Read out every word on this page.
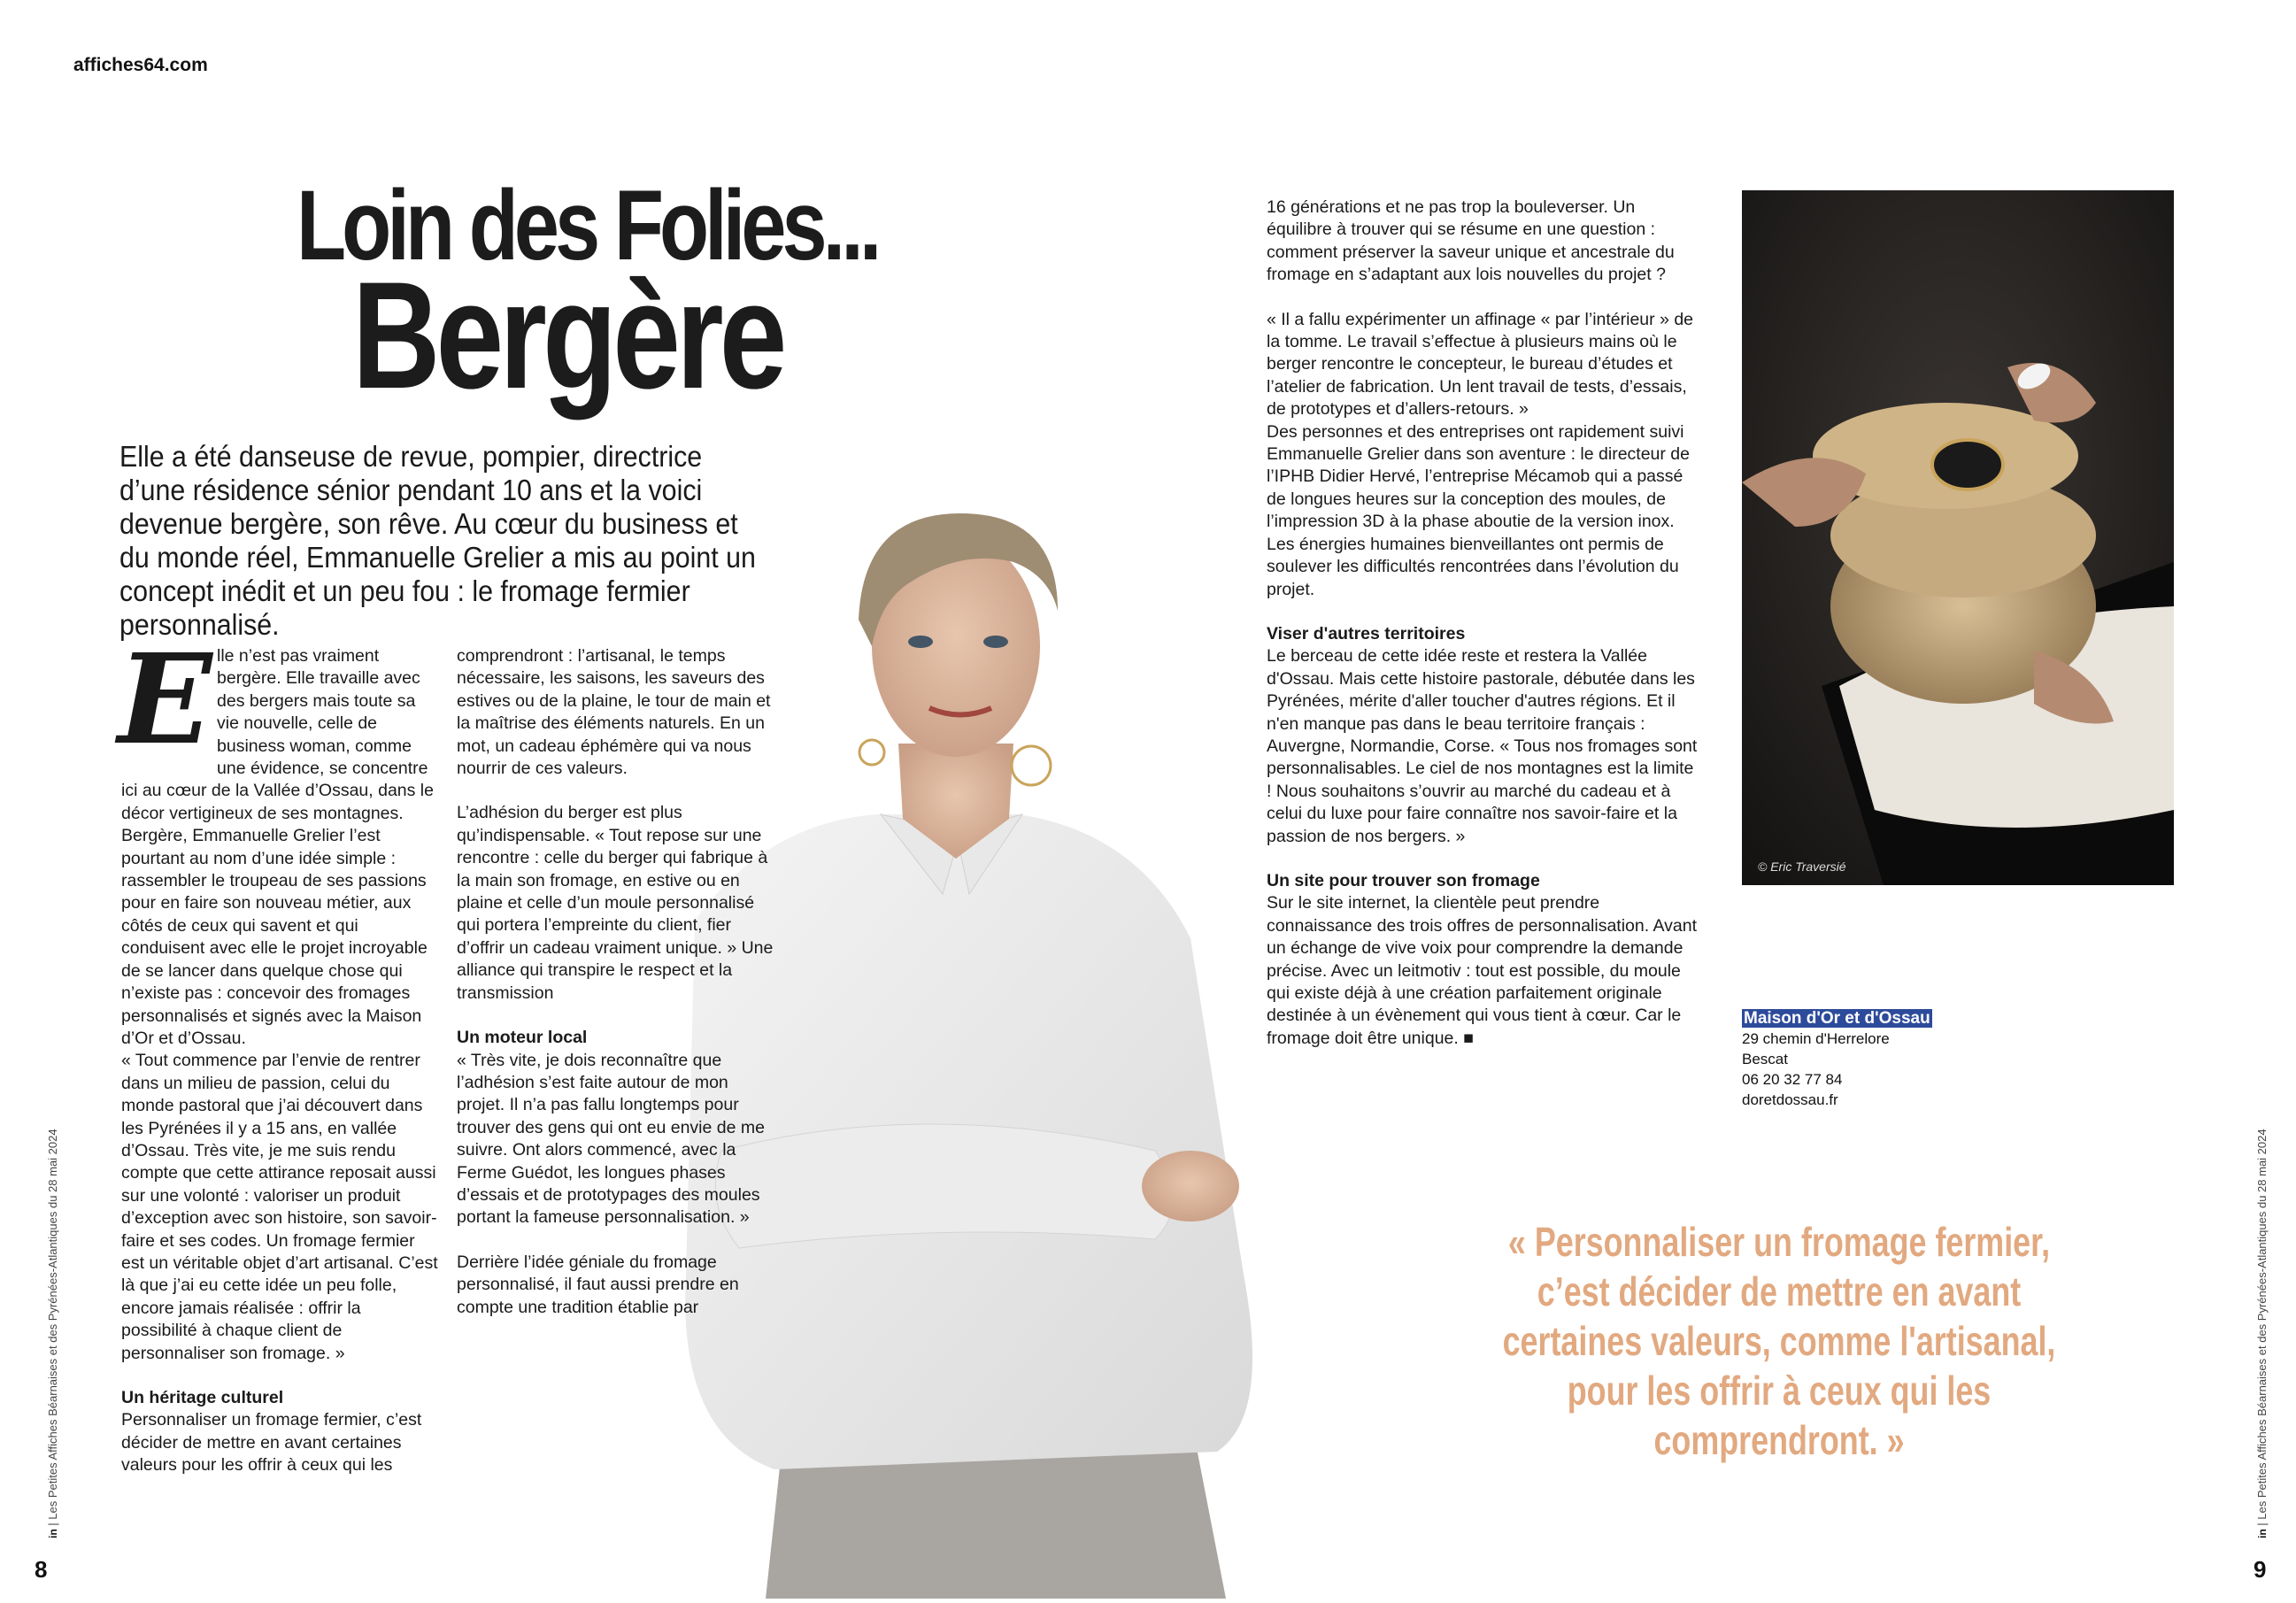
affiches64.com
Loin des Folies...
Bergère
Elle a été danseuse de revue, pompier, directrice d’une résidence sénior pendant 10 ans et la voici devenue bergère, son rêve. Au cœur du business et du monde réel, Emmanuelle Grelier a mis au point un concept inédit et un peu fou : le fromage fermier personnalisé.
E lle n’est pas vraiment bergère. Elle travaille avec des bergers mais toute sa vie nouvelle, celle de business woman, comme une évidence, se concentre ici au cœur de la Vallée d’Ossau, dans le décor vertigineux de ses montagnes. Bergère, Emmanuelle Grelier l’est pourtant au nom d’une idée simple : rassembler le troupeau de ses passions pour en faire son nouveau métier, aux côtés de ceux qui savent et qui conduisent avec elle le projet incroyable de se lancer dans quelque chose qui n’existe pas : concevoir des fromages personnalisés et signés avec la Maison d’Or et d’Ossau.

« Tout commence par l’envie de rentrer dans un milieu de passion, celui du monde pastoral que j’ai découvert dans les Pyrénées il y a 15 ans, en vallée d’Ossau. Très vite, je me suis rendu compte que cette attirance reposait aussi sur une volonté : valoriser un produit d’exception avec son histoire, son savoir-faire et ses codes. Un fromage fermier est un véritable objet d’art artisanal. C’est là que j’ai eu cette idée un peu folle, encore jamais réalisée : offrir la possibilité à chaque client de personnaliser son fromage. »

Un héritage culturel

Personnaliser un fromage fermier, c’est décider de mettre en avant certaines valeurs pour les offrir à ceux qui les

comprendront : l’artisanal, le temps nécessaire, les saisons, les saveurs des estives ou de la plaine, le tour de main et la maîtrise des éléments naturels. En un mot, un cadeau éphémère qui va nous nourrir de ces valeurs.

L’adhésion du berger est plus qu’indispensable. « Tout repose sur une rencontre : celle du berger qui fabrique à la main son fromage, en estive ou en plaine et celle d’un moule personnalisé qui portera l’empreinte du client, fier d’offrir un cadeau vraiment unique. » Une alliance qui transpire le respect et la transmission

Un moteur local

« Très vite, je dois reconnaître que l’adhésion s’est faite autour de mon projet. Il n’a pas fallu longtemps pour trouver des gens qui ont eu envie de me suivre. Ont alors commencé, avec la Ferme Guédot, les longues phases d’essais et de prototypages des moules portant la fameuse personnalisation. »

Derrière l’idée géniale du fromage personnalisé, il faut aussi prendre en compte une tradition établie par

16 générations et ne pas trop la bouleverser. Un équilibre à trouver qui se résume en une question : comment préserver la saveur unique et ancestrale du fromage en s’adaptant aux lois nouvelles du projet ?

« Il a fallu expérimenter un affinage « par l’intérieur » de la tomme. Le travail s’effectue à plusieurs mains où le berger rencontre le concepteur, le bureau d’études et l’atelier de fabrication. Un lent travail de tests, d’essais, de prototypes et d’allers-retours. »

Des personnes et des entreprises ont rapidement suivi Emmanuelle Grelier dans son aventure : le directeur de l’IPHB Didier Hervé, l’entreprise Mécamob qui a passé de longues heures sur la conception des moules, de l’impression 3D à la phase aboutie de la version inox. Les énergies humaines bienveillantes ont permis de soulever les difficultés rencontrées dans l’évolution du projet.

Viser d'autres territoires

Le berceau de cette idée reste et restera la Vallée d'Ossau. Mais cette histoire pastorale, débutée dans les Pyrénées, mérite d'aller toucher d'autres régions. Et il n'en manque pas dans le beau territoire français : Auvergne, Normandie, Corse. « Tous nos fromages sont personnalisables. Le ciel de nos montagnes est la limite ! Nous souhaitons s’ouvrir au marché du cadeau et à celui du luxe pour faire connaître nos savoir-faire et la passion de nos bergers. »

Un site pour trouver son fromage

Sur le site internet, la clientèle peut prendre connaissance des trois offres de personnalisation. Avant un échange de vive voix pour comprendre la demande précise. Avec un leitmotiv : tout est possible, du moule qui existe déjà à une création parfaitement originale destinée à un évènement qui vous tient à cœur. Car le fromage doit être unique. ■

© Eric Traversié
Maison d'Or et d'Ossau
29 chemin d'Herrelore
Bescat
06 20 32 77 84
doretdossau.fr
« Personnaliser un fromage fermier, c’est décider de mettre en avant certaines valeurs, comme l'artisanal, pour les offrir à ceux qui les comprendront. »
8	9
in | Les Petites Affiches Béarnaises et des Pyrénées-Atlantiques du 28 mai 2024
in | Les Petites Affiches Béarnaises et des Pyrénées-Atlantiques du 28 mai 2024
